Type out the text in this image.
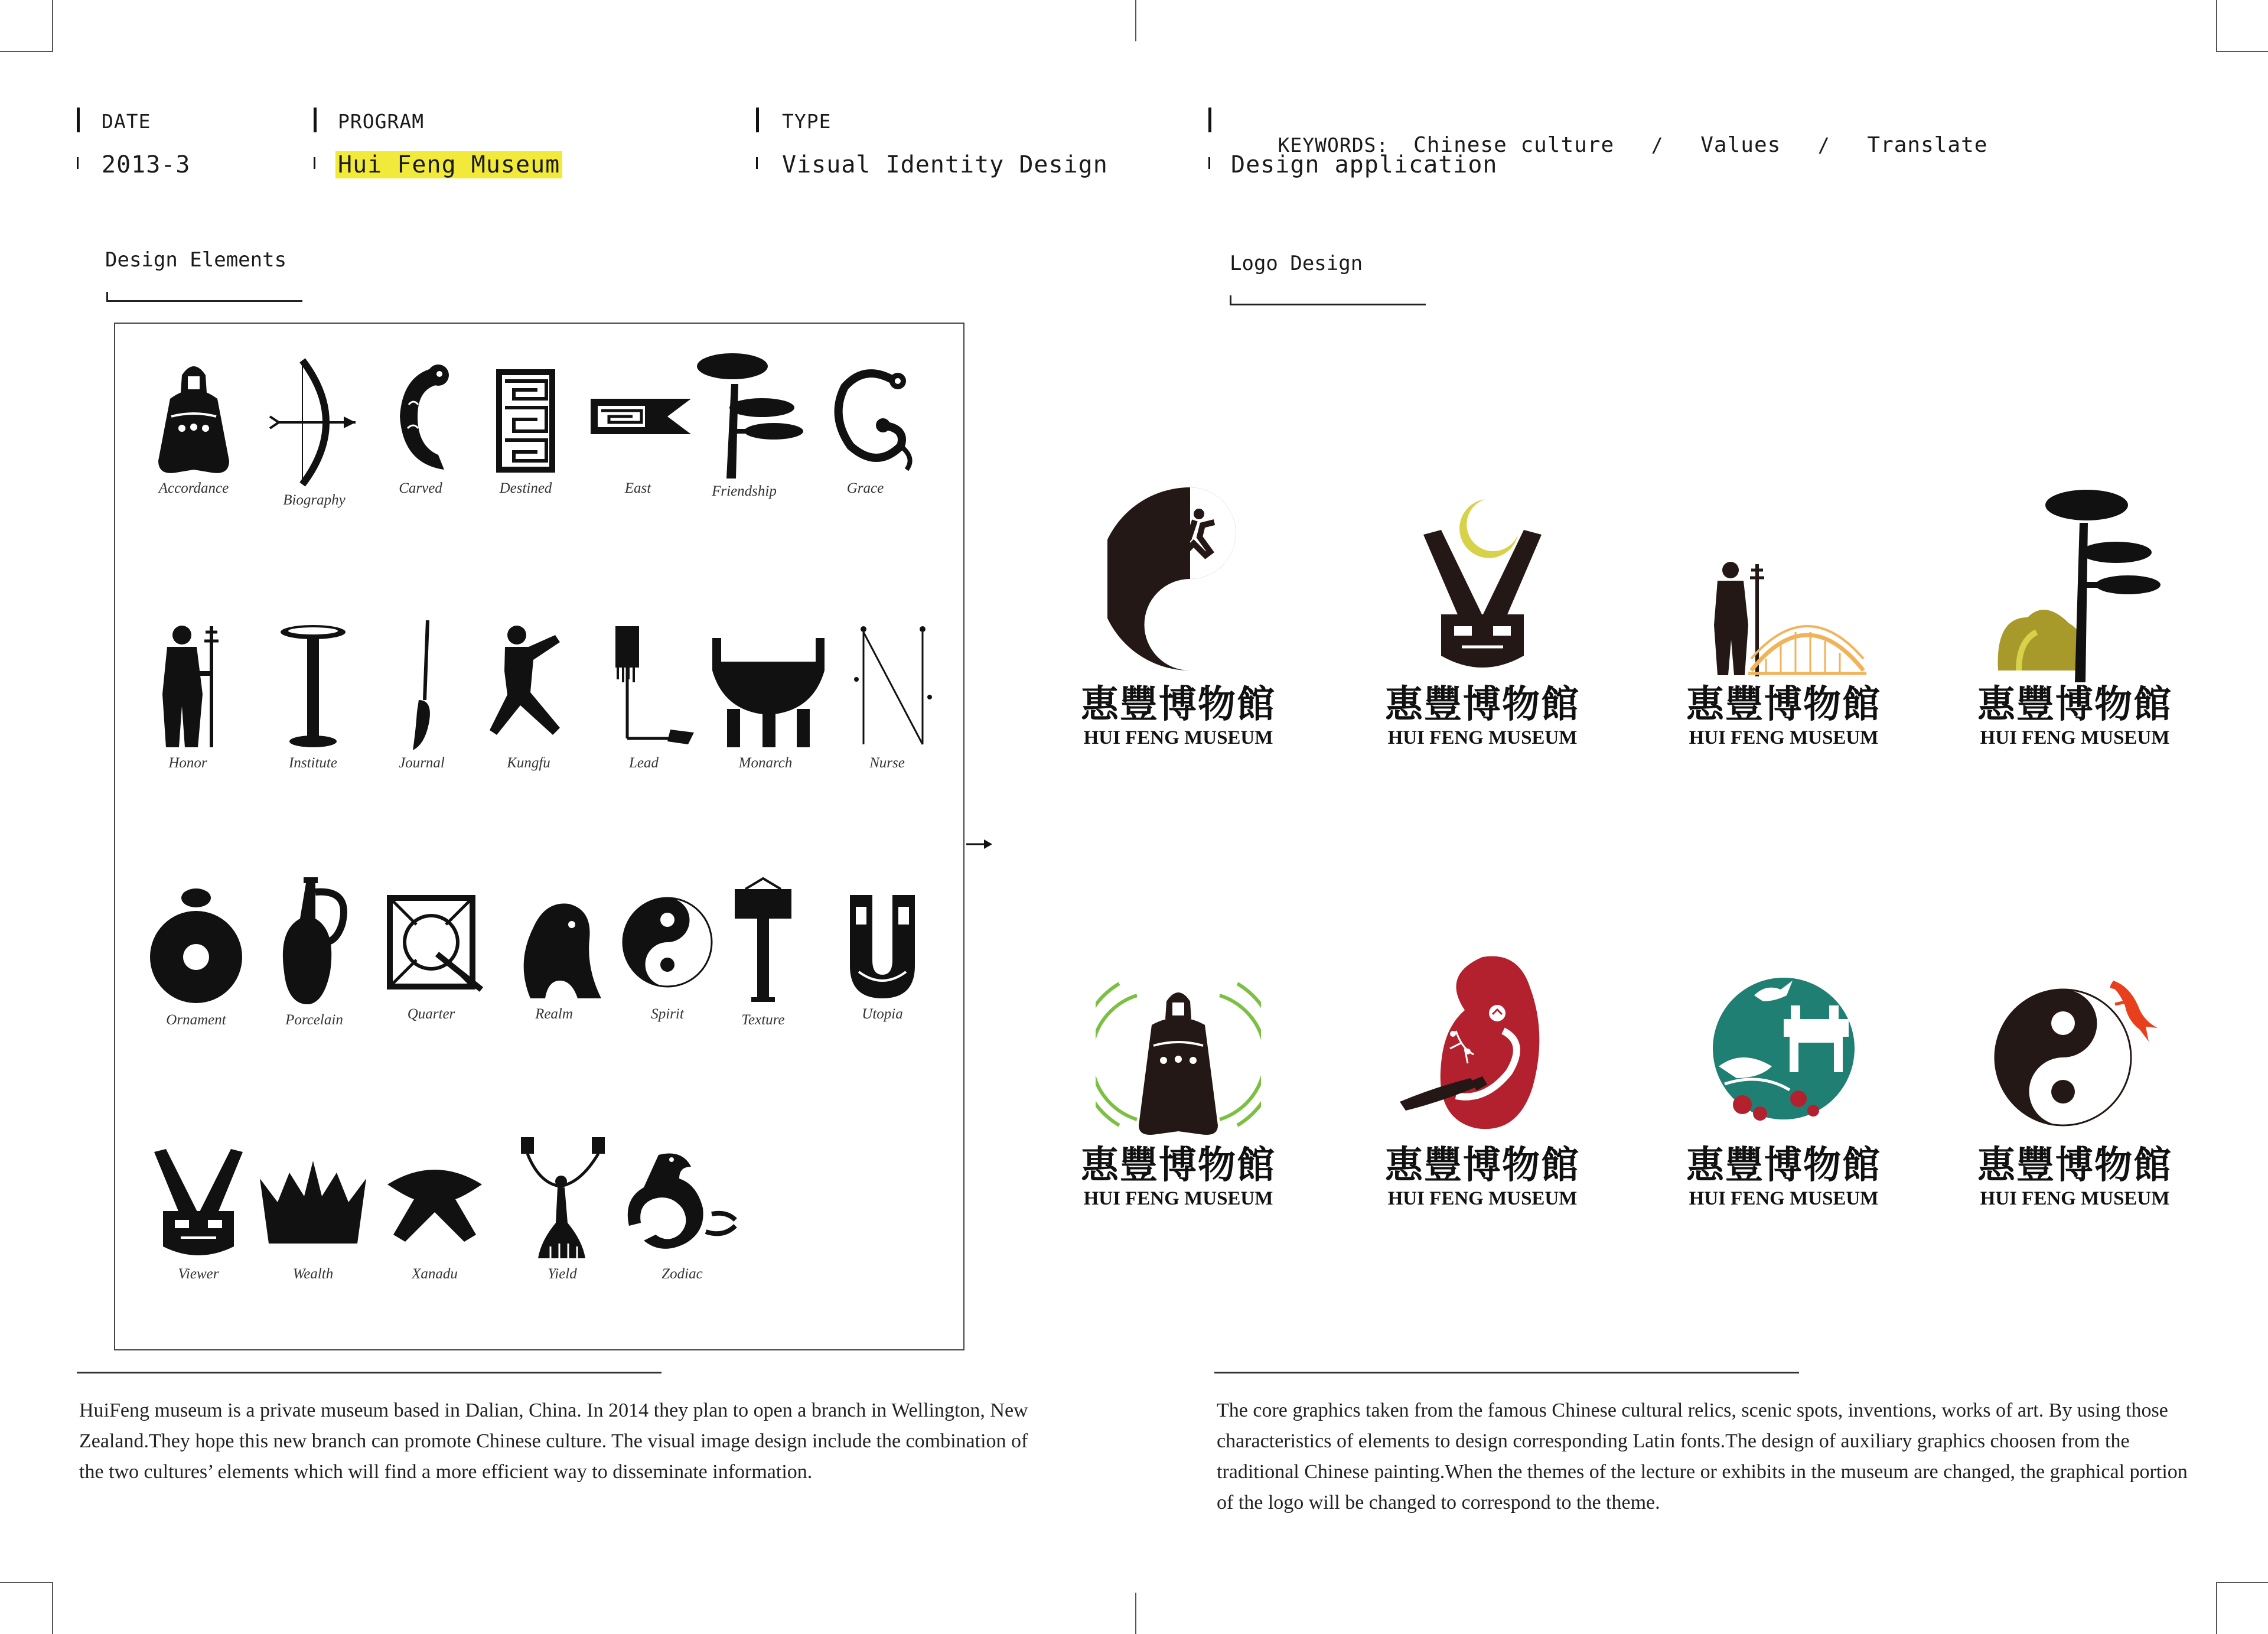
DATE
2013-3
PROGRAM
Hui Feng Museum
TYPE
Visual Identity Design

KEYWORDS: Chinese culture / Values / Translate

Design application
Design Elements	Logo Design
Accordance
Biography
Carved	Destined	East	Friendship	Grace
Honor	Institute	Journal	Kungfu	Lead	Monarch	Nurse
Ornament	Porcelain	Quarter	Realm	Spirit	Texture	Utopia
Viewer	Wealth	Xanadu	Yield	Zodiac
惠豐博物館
HUI FENG MUSEUM
惠豐博物館
HUI FENG MUSEUM
惠豐博物館
HUI FENG MUSEUM
惠豐博物館
HUI FENG MUSEUM
惠豐博物館
HUI FENG MUSEUM
惠豐博物館
HUI FENG MUSEUM
惠豐博物館
HUI FENG MUSEUM
惠豐博物館
HUI FENG MUSEUM
HuiFeng museum is a private museum based in Dalian, China. In 2014 they plan to open a branch in Wellington, New Zealand.They hope this new branch can promote Chinese culture. The visual image design include the combination of the two cultures’ elements which will find a more efficient way to disseminate information.
The core graphics taken from the famous Chinese cultural relics, scenic spots, inventions, works of art. By using those characteristics of elements to design corresponding Latin fonts.The design of auxiliary graphics choosen from the traditional Chinese painting.When the themes of the lecture or exhibits in the museum are changed, the graphical portion of the logo will be changed to correspond to the theme.
